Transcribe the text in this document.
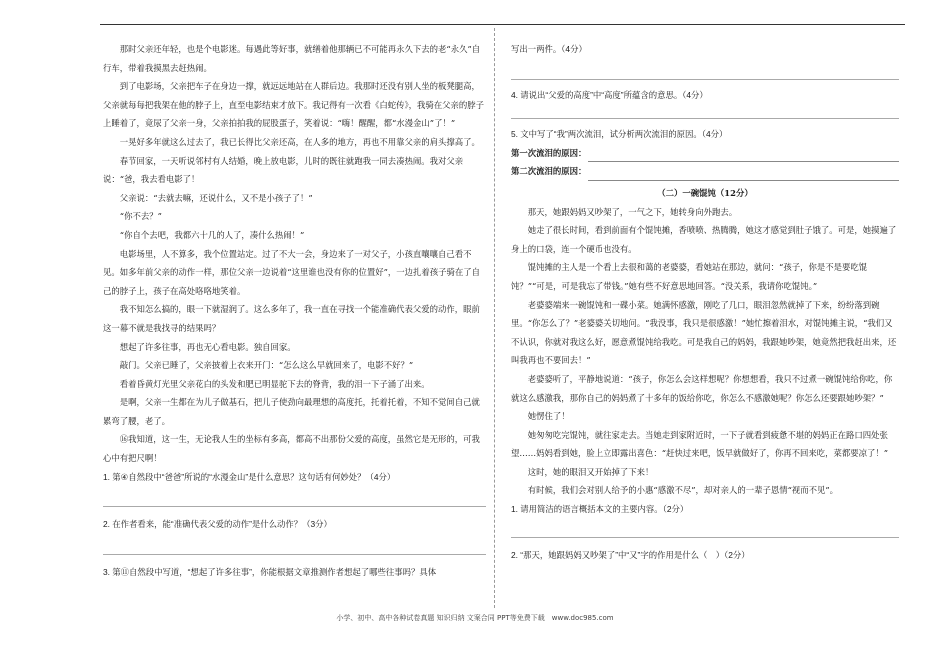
那时父亲还年轻，也是个电影迷。每遇此等好事，就缮着他那辆已不可能再永久下去的老“永久”自行车，带着我摸黑去赶热闹。

到了电影场，父亲把车子在身边一撑，就远远地站在人群后边。我那时还没有别人坐的板凳腿高，父亲就每每把我架在他的脖子上，直至电影结束才放下。我记得有一次看《白蛇传》，我骑在父亲的脖子上睡着了，竟尿了父亲一身，父亲拍拍我的屁股蛋子，笑着说：“嗨！醒醒，都“水漫金山”了！”

一晃好多年就这么过去了，我已长得比父亲还高，在人多的地方，再也不用靠父亲的肩头撑高了。

春节回家，一天听说邻村有人结婚，晚上放电影，儿时的既往就跑我一同去凑热闹。我对父亲说：“爸，我去看电影了！

父亲说：“去就去嘛，还说什么，又不是小孩子了！”

“你不去？”

“你自个去吧，我都六十几的人了，凑什么热闹！”

电影场里，人不算多，我个位置站定。过了不大一会，身边来了一对父子，小孩直嚷嚷自己看不见。如多年前父亲的动作一样，那位父亲一边说着“这里谁也没有你的位置好”，一边扎着孩子骑在了自己的脖子上，孩子在高处咯咯地笑着。

我不知怎么搞的，眼一下就湿润了。这么多年了，我一直在寻找一个能准确代表父爱的动作，眼前这一幕不就是我找寻的结果吗？

想起了许多往事，再也无心看电影。独自回家。

敲门。父亲已睡了，父亲披着上衣来开门：“怎么这么早就回来了，电影不好？”

看着昏黄灯光里父亲花白的头发和肥已明显驼下去的脊背，我的泪一下子涌了出来。

是啊，父亲一生都在为儿子做基石，把儿子使劲向最理想的高度托，托着托着，不知不觉间自己就累弯了腰，老了。

⑯我知道，这一生，无论我人生的坐标有多高，都高不出那份父爱的高度，虽然它是无形的，可我心中有把尺啊！

1. 第④自然段中“爸爸”所说的“水漫金山”是什么意思？这句话有何妙处？（4分）

2. 在作者看来，能“准确代表父爱的动作”是什么动作？（3分）

3. 第⑪自然段中写道，“想起了许多往事”，你能根据文章推测作者想起了哪些往事吗？具体

写出一两件。（4分）

4. 请说出“父爱的高度”中“高度”所蕴含的意思。（4分）

5. 文中写了“我”两次流泪，试分析两次流泪的原因。（4分）

第一次流泪的原因：
第二次流泪的原因：

（二）一碗馄饨（12分）

那天，她跟妈妈又吵架了，一气之下，她转身向外跑去。

她走了很长时间，看到前面有个馄饨摊，香喷喷、热腾腾，她这才感觉到肚子饿了。可是，她摸遍了身上的口袋，连一个硬币也没有。

馄饨摊的主人是一个看上去很和蔼的老婆婆，看她站在那边，就问：“孩子，你是不是要吃馄饨？”“可是，可是我忘了带钱。”她有些不好意思地回答。“没关系，我请你吃馄饨。”

老婆婆端来一碗馄饨和一碟小菜。她满怀感激，刚吃了几口，眼泪忽然就掉了下来，纷纷落到碗里。“你怎么了？”老婆婆关切地问。“我没事，我只是很感激！”她忙擦着泪水，对馄饨摊主说，“我们又不认识，你就对我这么好，愿意煮馄饨给我吃。可是我自己的妈妈，我跟她吵架，她竟然把我赶出来，还叫我再也不要回去！”

老婆婆听了，平静地说道：“孩子，你怎么会这样想呢？你想想看，我只不过煮一碗馄饨给你吃，你就这么感激我，那你自己的妈妈煮了十多年的饭给你吃，你怎么不感激她呢？你怎么还要跟她吵架？”

她愣住了！

她匆匆吃完馄饨，就往家走去。当她走到家附近时，一下子就看到疲惫不堪的妈妈正在路口四处张望……妈妈看到她，脸上立即露出喜色：“赶快过来吧，饭早就做好了，你再不回来吃，菜都要凉了！”

这时，她的眼泪又开始掉了下来！

有时候，我们会对别人给予的小惠“感激不尽”，却对亲人的一辈子恩情“视而不见”。

1. 请用简洁的语言概括本文的主要内容。（2分）

2. “那天，她跟妈妈又吵架了”中“又”字的作用是什么（　）（2分）

小学、初中、高中各种试卷真题 知识归纳 文案合同 PPT等免费下载　www.doc985.com
